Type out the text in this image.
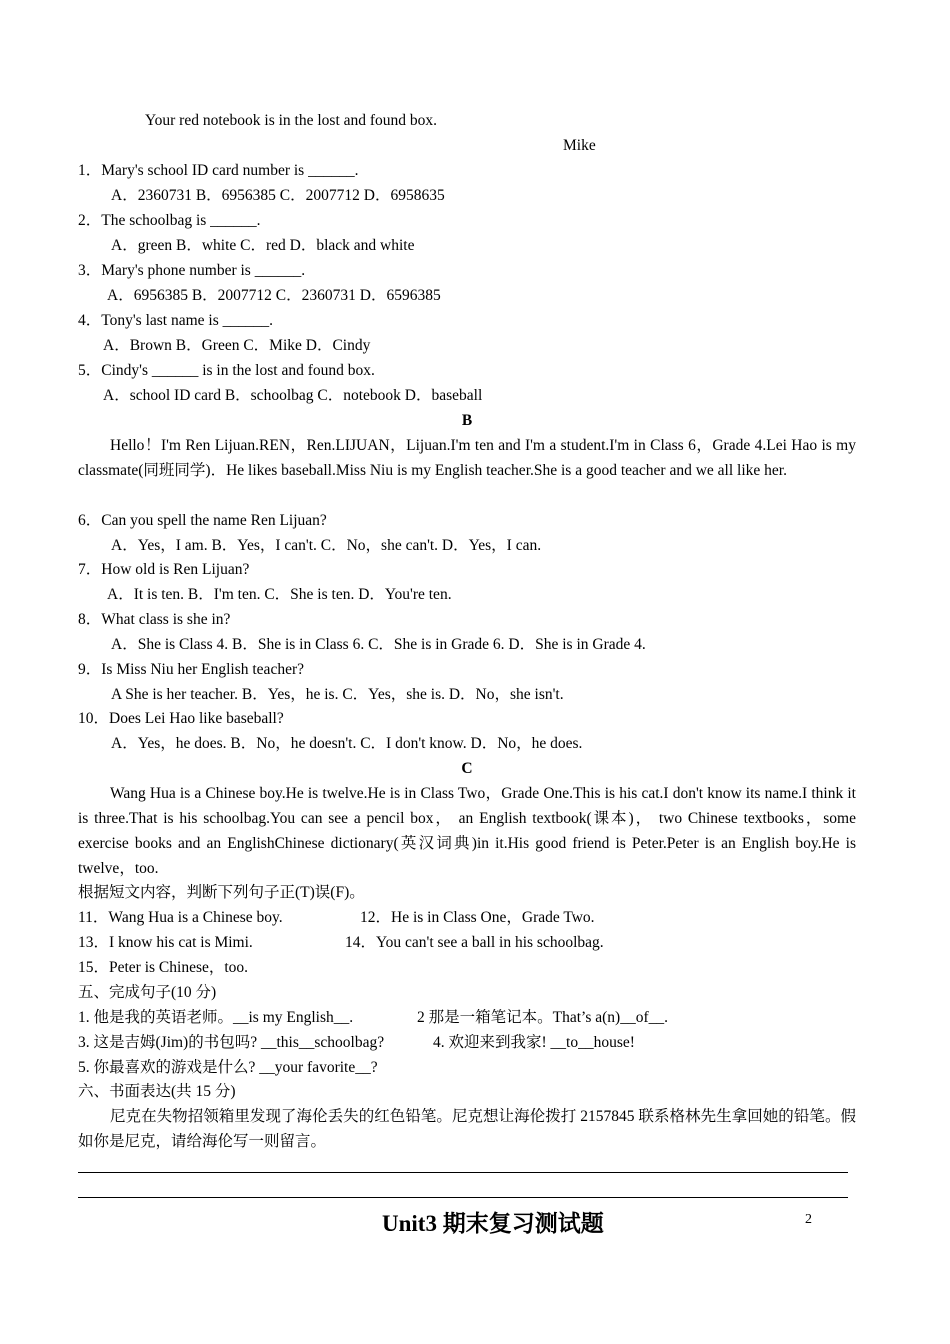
Your red notebook is in the lost and found box.
Mike
1．Mary's school ID card number is ______.
A．2360731 B．6956385 C．2007712 D．6958635
2．The schoolbag is ______.
A．green B．white C．red D．black and white
3．Mary's phone number is ______.
A．6956385 B．2007712 C．2360731 D．6596385
4．Tony's last name is ______.
A．Brown B．Green C．Mike D．Cindy
5．Cindy's ______ is in the lost and found box.
A．school ID card B．schoolbag C．notebook D．baseball
B
Hello！I'm Ren Lijuan.REN，Ren.LIJUAN，Lijuan.I'm ten and I'm a student.I'm in Class 6，Grade 4.Lei Hao is my classmate(同班同学)．He likes baseball.Miss Niu is my English teacher.She is a good teacher and we all like her.
6．Can you spell the name Ren Lijuan?
A．Yes，I am. B．Yes，I can't. C．No，she can't. D．Yes，I can.
7．How old is Ren Lijuan?
A．It is ten. B．I'm ten. C．She is ten. D．You're ten.
8．What class is she in?
A．She is Class 4. B．She is in Class 6. C．She is in Grade 6. D．She is in Grade 4.
9．Is Miss Niu her English teacher?
A She is her teacher. B．Yes，he is. C．Yes，she is. D．No，she isn't.
10．Does Lei Hao like baseball?
A．Yes，he does. B．No，he doesn't. C．I don't know. D．No，he does.
C
Wang Hua is a Chinese boy.He is twelve.He is in Class Two，Grade One.This is his cat.I don't know its name.I think it is three.That is his schoolbag.You can see a pencil box， an English textbook(课本)， two Chinese textbooks，some exercise books and an EnglishChinese dictionary(英汉词典)in it.His good friend is Peter.Peter is an English boy.He is twelve，too.
根据短文内容，判断下列句子正(T)误(F)。
11．Wang Hua is a Chinese boy.	12．He is in Class One，Grade Two.
13．I know his cat is Mimi.	14．You can't see a ball in his schoolbag.
15．Peter is Chinese，too.
五、完成句子(10 分)
1. 他是我的英语老师。__is my English__.	2 那是一箱笔记本。That’s a(n)__of__.
3. 这是吉姆(Jim)的书包吗? __this__schoolbag?	4. 欢迎来到我家! __to__house!
5. 你最喜欢的游戏是什么? __your favorite__?
六、书面表达(共 15 分)
尼克在失物招领箱里发现了海伦丢失的红色铅笔。尼克想让海伦拨打 2157845 联系格林先生拿回她的铅笔。假如你是尼克，请给海伦写一则留言。
Unit3 期末复习测试题	2
